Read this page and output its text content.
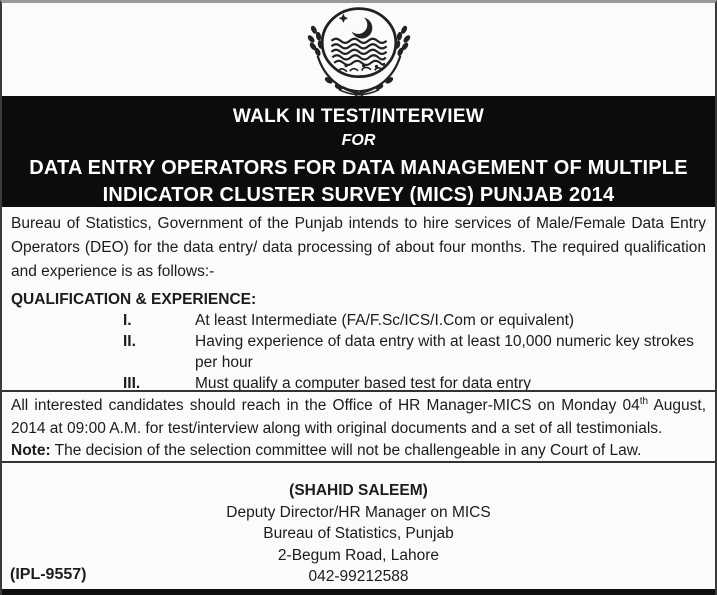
WALK IN TEST/INTERVIEW
FOR
DATA ENTRY OPERATORS FOR DATA MANAGEMENT OF MULTIPLE
INDICATOR CLUSTER SURVEY (MICS) PUNJAB 2014

Bureau of Statistics, Government of the Punjab intends to hire services of Male/Female Data Entry Operators (DEO) for the data entry/ data processing of about four months. The required qualification and experience is as follows:-

QUALIFICATION & EXPERIENCE:
I.	At least Intermediate (FA/F.Sc/ICS/I.Com or equivalent)
II.	Having experience of data entry with at least 10,000 numeric key strokes per hour
III.	Must qualify a computer based test for data entry

All interested candidates should reach in the Office of HR Manager-MICS on Monday 04th August, 2014 at 09:00 A.M. for test/interview along with original documents and a set of all testimonials.

Note: The decision of the selection committee will not be challengeable in any Court of Law.

(SHAHID SALEEM)
Deputy Director/HR Manager on MICS
Bureau of Statistics, Punjab
2-Begum Road, Lahore
042-99212588
(IPL-9557)
